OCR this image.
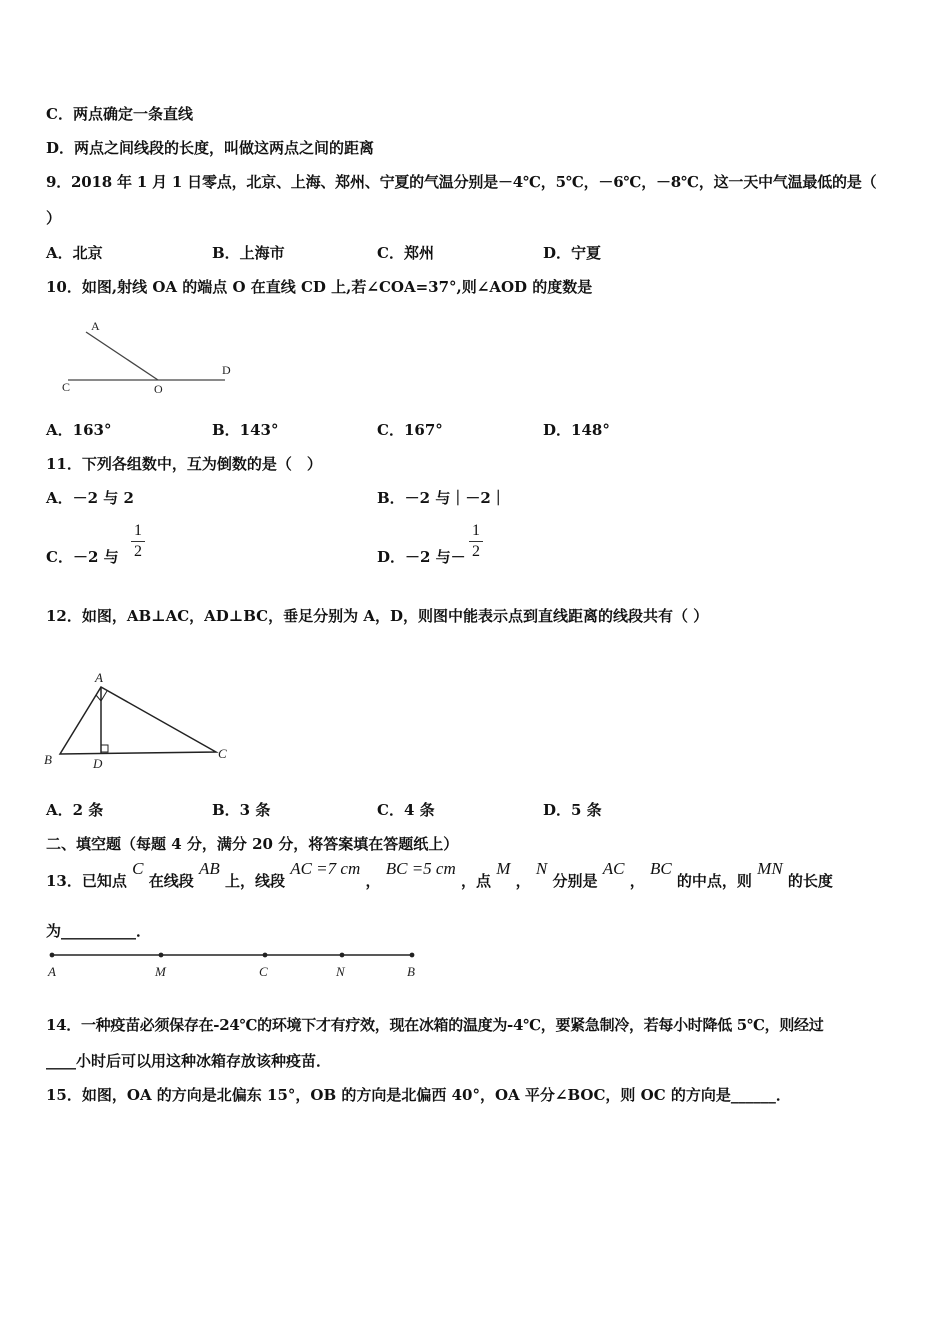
C．两点确定一条直线
D．两点之间线段的长度，叫做这两点之间的距离
9．2018 年 1 月 1 日零点，北京、上海、郑州、宁夏的气温分别是－4℃，5℃，－6℃，－8℃，这一天中气温最低的是（
）
A．北京	B．上海市	C．郑州	D．宁夏
10．如图,射线 OA 的端点 O 在直线 CD 上,若∠COA=37°,则∠AOD 的度数是
A
C	O
D
A．163°	B．143°	C．167°	D．148°
11．下列各组数中，互为倒数的是（　）
A．－2 与 2	B．－2 与｜－2｜
C．－2 与
1
2	D．－2 与－
1
2
12．如图，AB⊥AC，AD⊥BC，垂足分别为 A，D，则图中能表示点到直线距离的线段共有（ ）
A
B	C
D
A．2 条	B．3 条	C．4 条	D．5 条
二、填空题（每题 4 分，满分 20 分，将答案填在答题纸上）
13．已知点 C 在线段 AB 上，线段 AC =7 cm ， BC =5 cm ，点 M ， N 分别是 AC ， BC 的中点，则 MN 的长度
为__________．
A	M	C	N	B
14．一种疫苗必须保存在-24℃的环境下才有疗效，现在冰箱的温度为-4℃，要紧急制冷，若每小时降低 5℃，则经过
____小时后可以用这种冰箱存放该种疫苗．
15．如图，OA 的方向是北偏东 15°，OB 的方向是北偏西 40°，OA 平分∠BOC，则 OC 的方向是______．
